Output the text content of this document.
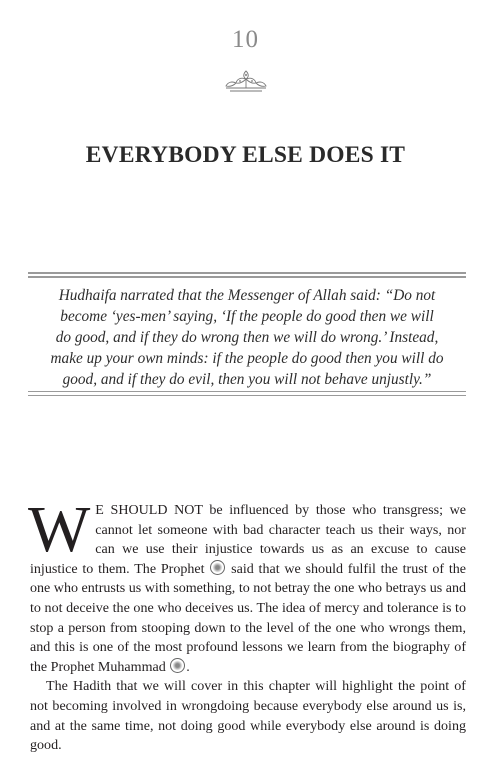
10
EVERYBODY ELSE DOES IT
Hudhaifa narrated that the Messenger of Allah said: “Do not
become ‘yes-men’ saying, ‘If the people do good then we will
do good, and if they do wrong then we will do wrong.’ Instead,
make up your own minds: if the people do good then you will do
good, and if they do evil, then you will not behave unjustly.”

W E SHOULD NOT be influenced by those who transgress; we cannot let someone with bad character teach us their ways, nor can we use their injustice towards us as an excuse to cause injustice to them. The Prophet said that we should fulfil the trust of the one who entrusts us with something, to not betray the one who betrays us and to not deceive the one who deceives us. The idea of mercy and tolerance is to stop a person from stooping down to the level of the one who wrongs them, and this is one of the most profound lessons we learn from the biography of the Prophet Muhammad .

The Hadith that we will cover in this chapter will highlight the point of not becoming involved in wrongdoing because everybody else around us is, and at the same time, not doing good while everybody else around is doing good.
